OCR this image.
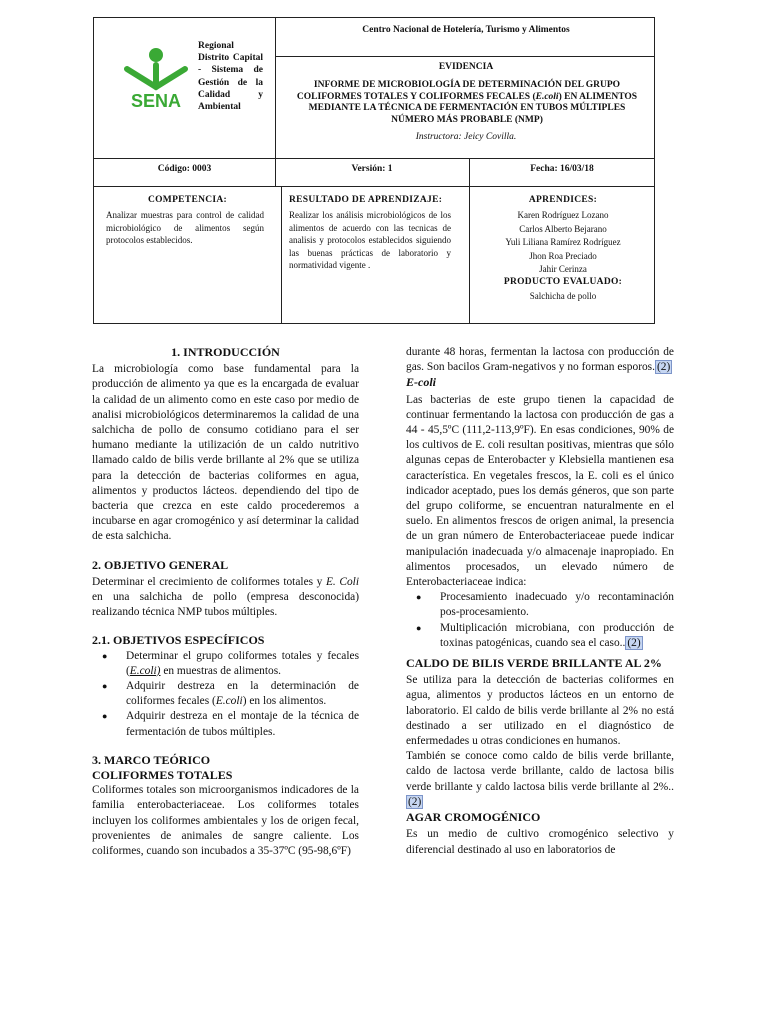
SENA
Regional Distrito Capital - Sistema de Gestión de la Calidad y Ambiental
Centro Nacional de Hotelería, Turismo y Alimentos
EVIDENCIA
INFORME DE MICROBIOLOGÍA DE DETERMINACIÓN DEL GRUPO COLIFORMES TOTALES Y COLIFORMES FECALES (E.coli) EN ALIMENTOS MEDIANTE LA TÉCNICA DE FERMENTACIÓN EN TUBOS MÚLTIPLES NÚMERO MÁS PROBABLE (NMP)
Instructora: Jeicy Covilla.
Código: 0003	Versión: 1	Fecha: 16/03/18
COMPETENCIA:
Analizar muestras para control de calidad microbiológico de alimentos según protocolos establecidos.
RESULTADO DE APRENDIZAJE:
Realizar los análisis microbiológicos de los alimentos de acuerdo con las tecnicas de analisis y protocolos establecidos siguiendo las buenas prácticas de laboratorio y normatividad vigente .
APRENDICES:
Karen Rodríguez Lozano
Carlos Alberto Bejarano
Yuli Liliana Ramírez Rodríguez
Jhon Roa Preciado
Jahir Cerinza
PRODUCTO EVALUADO:
Salchicha de pollo

1. INTRODUCCIÓN

La microbiología como base fundamental para la producción de alimento ya que es la encargada de evaluar la calidad de un alimento como en este caso por medio de analisi microbiológicos determinaremos la calidad de una salchicha de pollo de consumo cotidiano para el ser humano mediante la utilización de un caldo nutritivo llamado caldo de bilis verde brillante al 2% que se utiliza para la detección de bacterias coliformes en agua, alimentos y productos lácteos. dependiendo del tipo de bacteria que crezca en este caldo procederemos a incubarse en agar cromogénico y así determinar la calidad de esta salchicha.

2. OBJETIVO GENERAL

Determinar el crecimiento de coliformes totales y E. Coli en una salchicha de pollo (empresa desconocida) realizando técnica NMP tubos múltiples.

2.1. OBJETIVOS ESPECÍFICOS

● Determinar el grupo coliformes totales y fecales (E.coli) en muestras de alimentos.
● Adquirir destreza en la determinación de coliformes fecales (E.coli) en los alimentos.
● Adquirir destreza en el montaje de la técnica de fermentación de tubos múltiples.

3. MARCO TEÓRICO

COLIFORMES TOTALES

Coliformes totales son microorganismos indicadores de la familia enterobacteriaceae. Los coliformes totales incluyen los coliformes ambientales y los de origen fecal, provenientes de animales de sangre caliente. Los coliformes, cuando son incubados a 35-37ºC (95-98,6ºF)

durante 48 horas, fermentan la lactosa con producción de gas. Son bacilos Gram-negativos y no forman esporos. (2)

E-coli

Las bacterias de este grupo tienen la capacidad de continuar fermentando la lactosa con producción de gas a 44 - 45,5ºC (111,2-113,9ºF). En esas condiciones, 90% de los cultivos de E. coli resultan positivas, mientras que sólo algunas cepas de Enterobacter y Klebsiella mantienen esa característica. En vegetales frescos, la E. coli es el único indicador aceptado, pues los demás géneros, que son parte del grupo coliforme, se encuentran naturalmente en el suelo. En alimentos frescos de origen animal, la presencia de un gran número de Enterobacteriaceae puede indicar manipulación inadecuada y/o almacenaje inapropiado. En alimentos procesados, un elevado número de Enterobacteriaceae indica:

● Procesamiento inadecuado y/o recontaminación pos-procesamiento.
● Multiplicación microbiana, con producción de toxinas patogénicas, cuando sea el caso.. (2)

CALDO DE BILIS VERDE BRILLANTE AL 2%

Se utiliza para la detección de bacterias coliformes en agua, alimentos y productos lácteos en un entorno de laboratorio. El caldo de bilis verde brillante al 2% no está destinado a ser utilizado en el diagnóstico de enfermedades u otras condiciones en humanos.

También se conoce como caldo de bilis verde brillante, caldo de lactosa verde brillante, caldo de lactosa bilis verde brillante y caldo lactosa bilis verde brillante al 2%..(2)

AGAR CROMOGÉNICO

Es un medio de cultivo cromogénico selectivo y diferencial destinado al uso en laboratorios de
